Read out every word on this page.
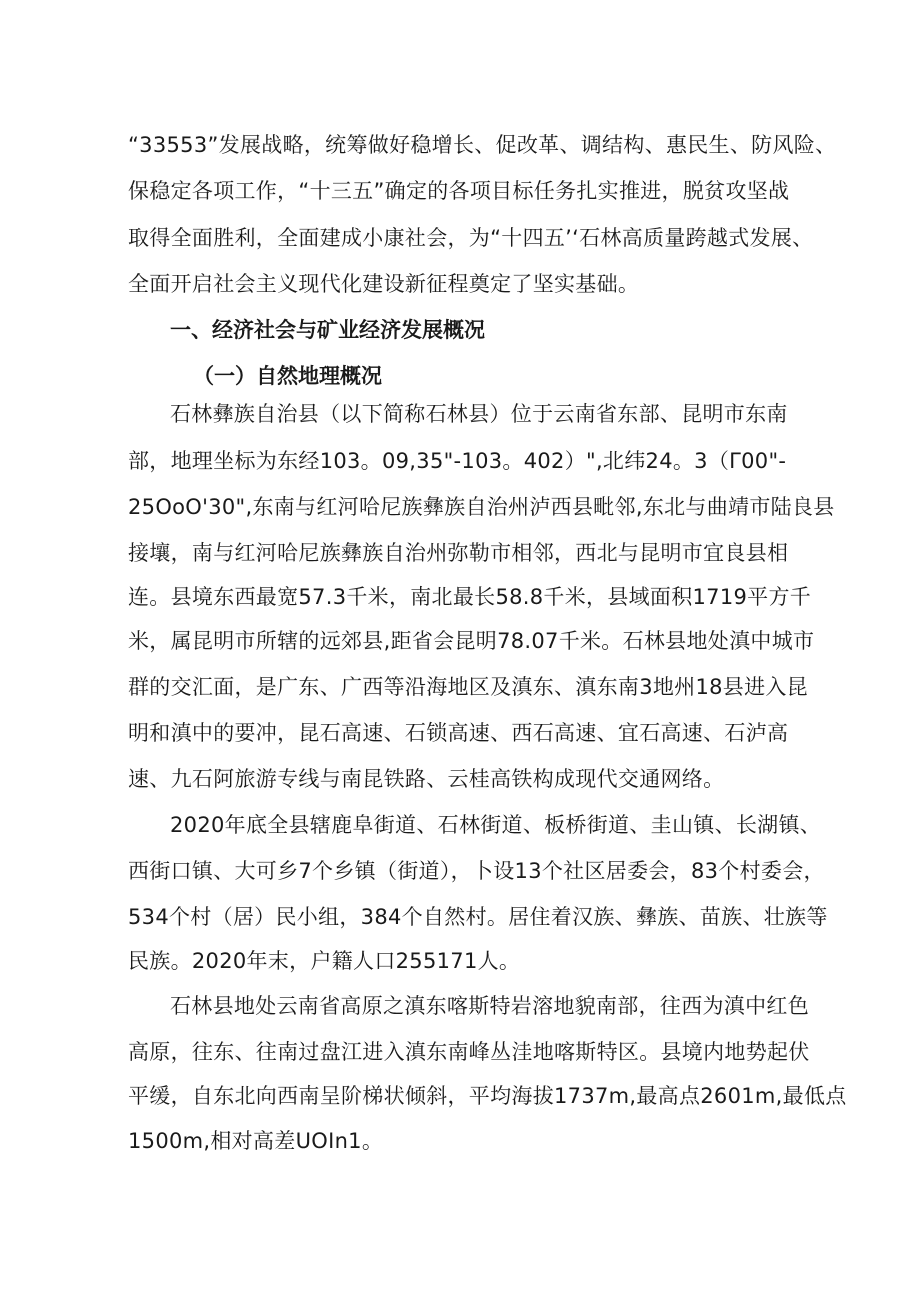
“33553”发展战略，统筹做好稳增长、促改革、调结构、惠民生、防风险、
保稳定各项工作，“十三五”确定的各项目标任务扎实推进，脱贫攻坚战
取得全面胜利，全面建成小康社会，为“十四五’‘石林高质量跨越式发展、
全面开启社会主义现代化建设新征程奠定了坚实基础。
一、经济社会与矿业经济发展概况
（一）自然地理概况
石林彝族自治县（以下简称石林县）位于云南省东部、昆明市东南
部，地理坐标为东经103。09,35"-103。402）",北纬24。3（Γ00"-
25OoO'30",东南与红河哈尼族彝族自治州泸西县毗邻,东北与曲靖市陆良县
接壤，南与红河哈尼族彝族自治州弥勒市相邻，西北与昆明市宜良县相
连。县境东西最宽57.3千米，南北最长58.8千米，县域面积1719平方千
米，属昆明市所辖的远郊县,距省会昆明78.07千米。石林县地处滇中城市
群的交汇面，是广东、广西等沿海地区及滇东、滇东南3地州18县进入昆
明和滇中的要冲，昆石高速、石锁高速、西石高速、宜石高速、石泸高
速、九石阿旅游专线与南昆铁路、云桂高铁构成现代交通网络。
2020年底全县辖鹿阜街道、石林街道、板桥街道、圭山镇、长湖镇、
西街口镇、大可乡7个乡镇（街道），卜设13个社区居委会，83个村委会，
534个村（居）民小组，384个自然村。居住着汉族、彝族、苗族、壮族等
民族。2020年末，户籍人口255171人。
石林县地处云南省高原之滇东喀斯特岩溶地貌南部，往西为滇中红色
高原，往东、往南过盘江进入滇东南峰丛洼地喀斯特区。县境内地势起伏
平缓，自东北向西南呈阶梯状倾斜，平均海拔1737m,最高点2601m,最低点
1500m,相对高差UOIn1。
